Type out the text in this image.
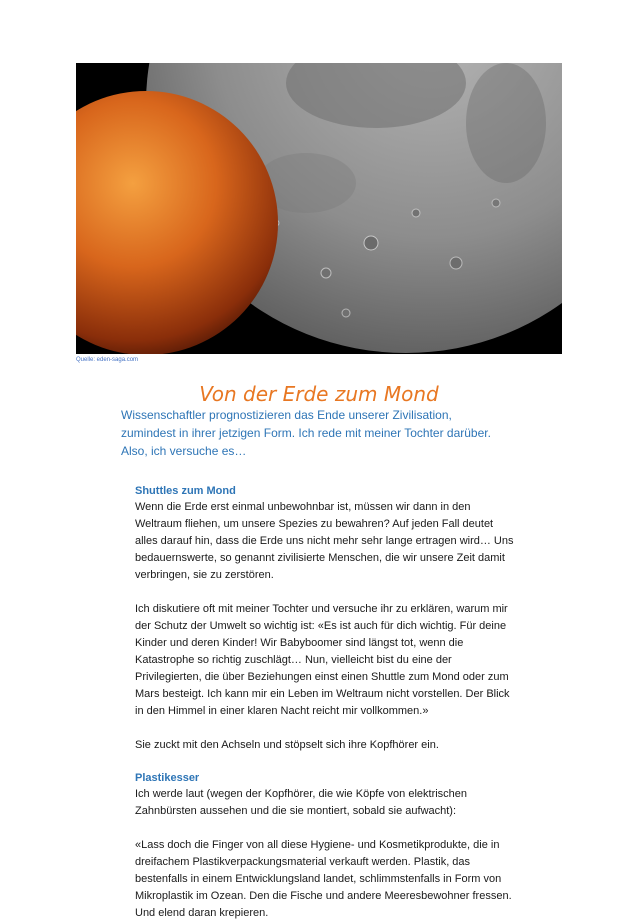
Quelle: eden-saga.com
Von der Erde zum Mond

Wissenschaftler prognostizieren das Ende unserer Zivilisation,

zumindest in ihrer jetzigen Form. Ich rede mit meiner Tochter darüber.

Also, ich versuche es…

Shuttles zum Mond

Wenn die Erde erst einmal unbewohnbar ist, müssen wir dann in den Weltraum fliehen, um unsere Spezies zu bewahren? Auf jeden Fall deutet alles darauf hin, dass die Erde uns nicht mehr sehr lange ertragen wird… Uns bedauernswerte, so genannt zivilisierte Menschen, die wir unsere Zeit damit verbringen, sie zu zerstören.

Ich diskutiere oft mit meiner Tochter und versuche ihr zu erklären, warum mir der Schutz der Umwelt so wichtig ist: «Es ist auch für dich wichtig. Für deine Kinder und deren Kinder! Wir Babyboomer sind längst tot, wenn die Katastrophe so richtig zuschlägt… Nun, vielleicht bist du eine der Privilegierten, die über Beziehungen einst einen Shuttle zum Mond oder zum Mars besteigt. Ich kann mir ein Leben im Weltraum nicht vorstellen. Der Blick in den Himmel in einer klaren Nacht reicht mir vollkommen.»

Sie zuckt mit den Achseln und stöpselt sich ihre Kopfhörer ein.

Plastikesser

Ich werde laut (wegen der Kopfhörer, die wie Köpfe von elektrischen Zahnbürsten aussehen und die sie montiert, sobald sie aufwacht):

«Lass doch die Finger von all diese Hygiene- und Kosmetikprodukte, die in dreifachem Plastikverpackungsmaterial verkauft werden. Plastik, das bestenfalls in einem Entwicklungsland landet, schlimmstenfalls in Form von Mikroplastik im Ozean. Den die Fische und andere Meeresbewohner fressen. Und elend daran krepieren.
